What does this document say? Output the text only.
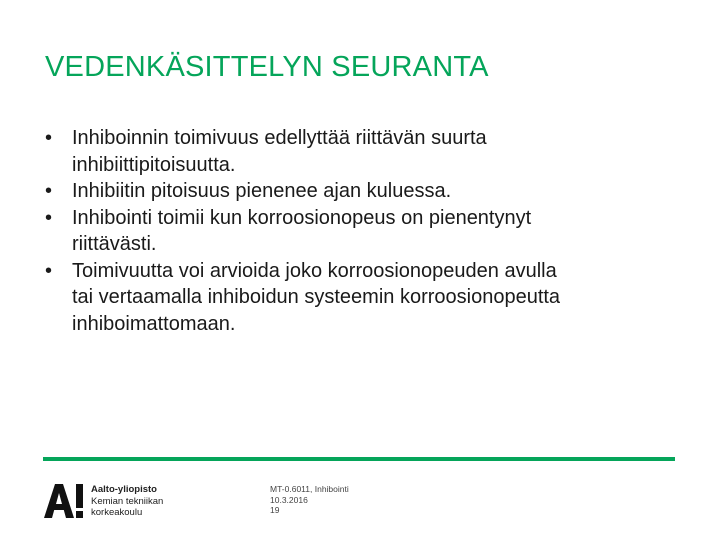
VEDENKÄSITTELYN SEURANTA
• Inhiboinnin toimivuus edellyttää riittävän suurta
inhibiittipitoisuutta.
• Inhibiitin pitoisuus pienenee ajan kuluessa.
• Inhibointi toimii kun korroosionopeus on pienentynyt
riittävästi.
• Toimivuutta voi arvioida joko korroosionopeuden avulla
tai vertaamalla inhiboidun systeemin korroosionopeutta
inhiboimattomaan.
Aalto-yliopisto
Kemian tekniikan
korkeakoulu
MT-0.6011, Inhibointi
10.3.2016
19
